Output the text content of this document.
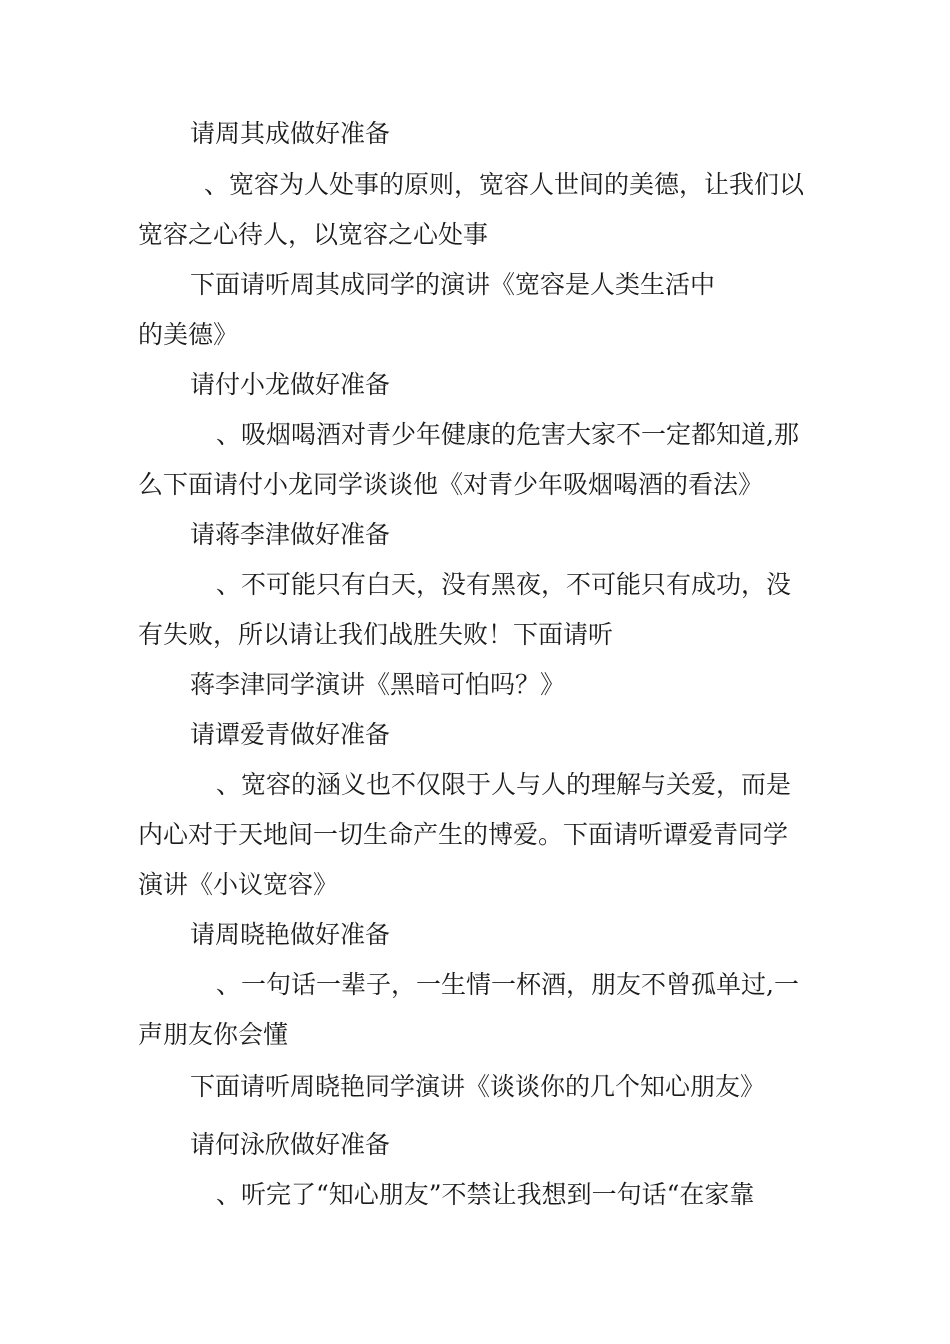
请周其成做好准备
、宽容为人处事的原则，宽容人世间的美德，让我们以
宽容之心待人，以宽容之心处事
下面请听周其成同学的演讲《宽容是人类生活中
的美德》
请付小龙做好准备
、吸烟喝酒对青少年健康的危害大家不一定都知道,那
么下面请付小龙同学谈谈他《对青少年吸烟喝酒的看法》
请蒋李津做好准备
、不可能只有白天，没有黑夜，不可能只有成功，没
有失败，所以请让我们战胜失败！下面请听
蒋李津同学演讲《黑暗可怕吗？》
请谭爱青做好准备
、宽容的涵义也不仅限于人与人的理解与关爱，而是
内心对于天地间一切生命产生的博爱。下面请听谭爱青同学
演讲《小议宽容》
请周晓艳做好准备
、一句话一辈子，一生情一杯酒，朋友不曾孤单过,一
声朋友你会懂
下面请听周晓艳同学演讲《谈谈你的几个知心朋友》
请何泳欣做好准备
、听完了“知心朋友”不禁让我想到一句话“在家靠
